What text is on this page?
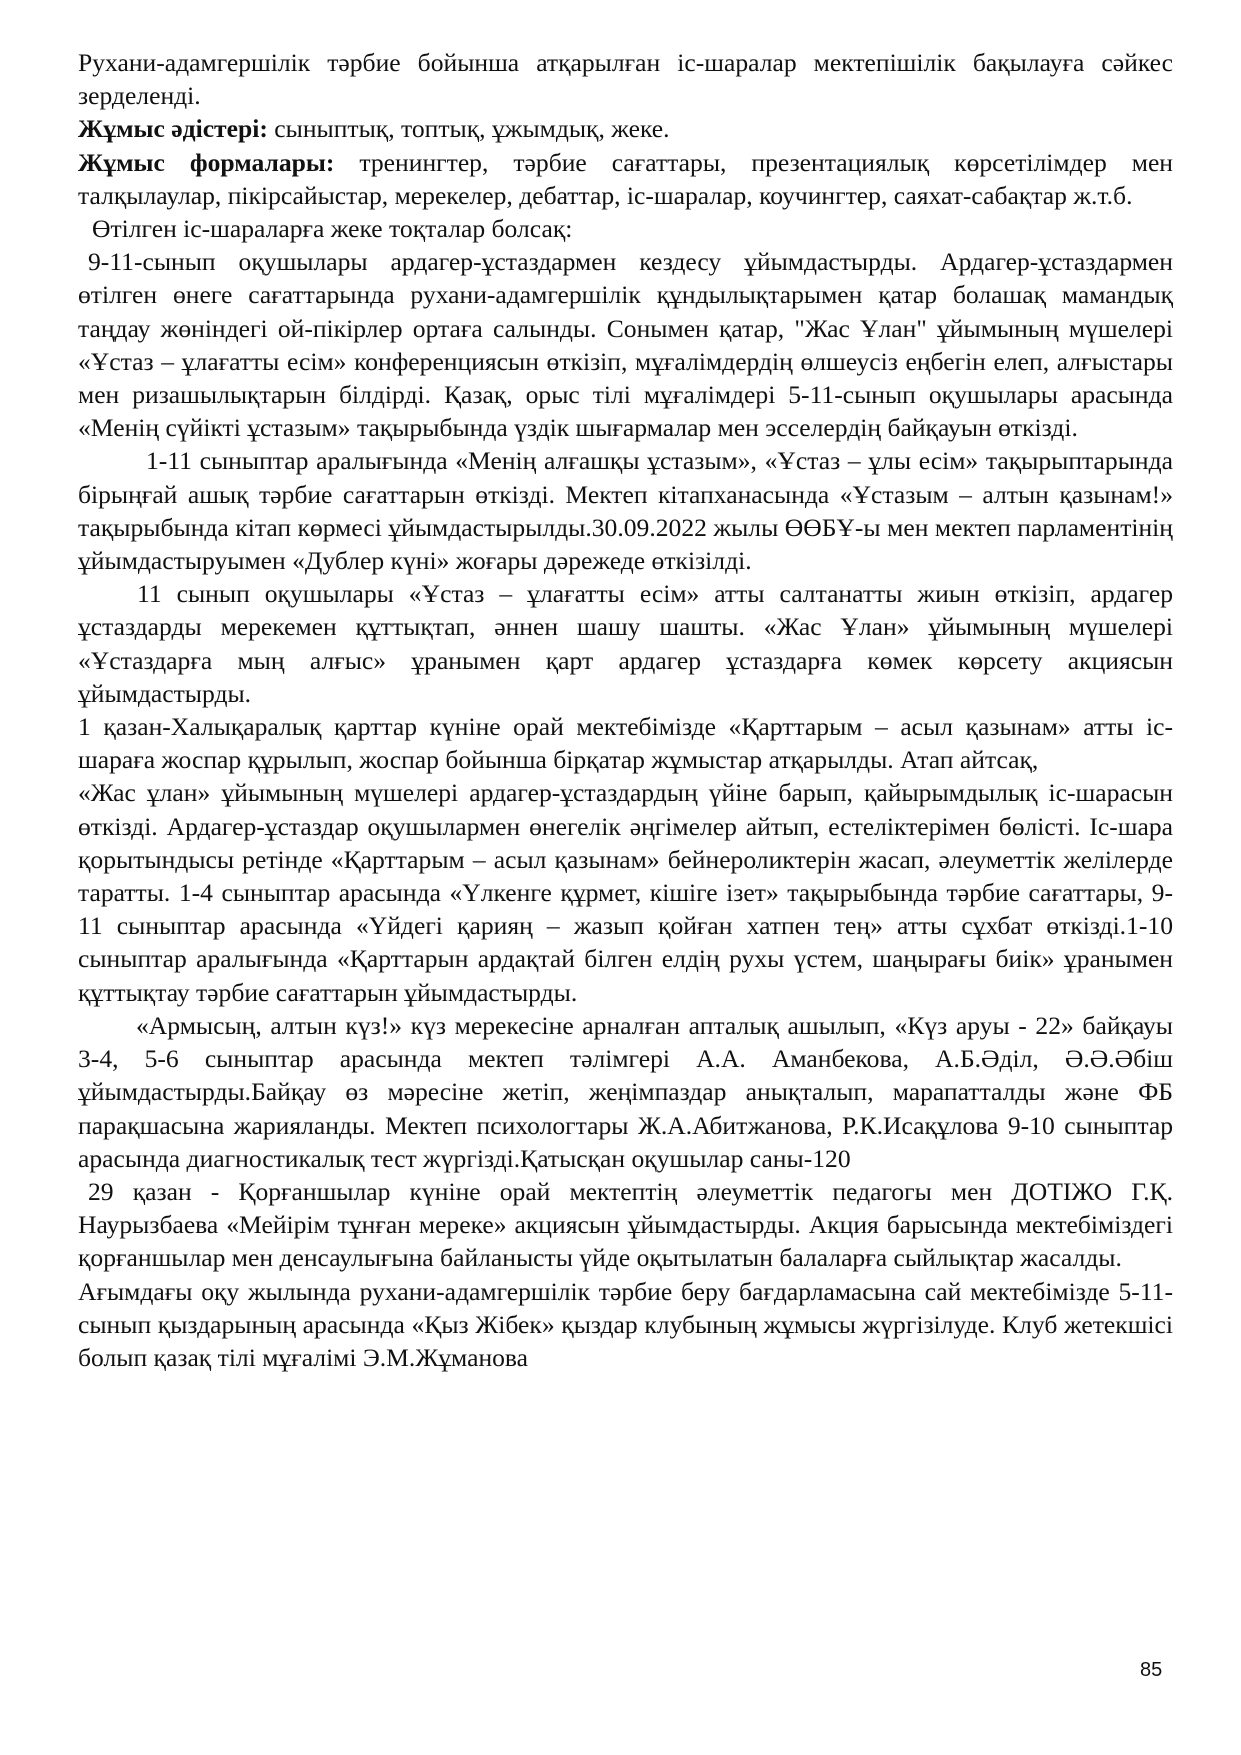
Рухани-адамгершілік тәрбие бойынша атқарылған іс-шаралар мектепішілік бақылауға сәйкес зерделенді.

Жұмыс әдістері: сыныптық, топтық, ұжымдық, жеке.

Жұмыс формалары: тренингтер, тәрбие сағаттары, презентациялық көрсетілімдер мен талқылаулар, пікірсайыстар, мерекелер, дебаттар, іс-шаралар, коучингтер, саяхат-сабақтар ж.т.б.

Өтілген іс-шараларға жеке тоқталар болсақ:

9-11-сынып оқушылары ардагер-ұстаздармен кездесу ұйымдастырды. Ардагер-ұстаздармен өтілген өнеге сағаттарында рухани-адамгершілік құндылықтарымен қатар болашақ мамандық таңдау жөніндегі ой-пікірлер ортаға салынды. Сонымен қатар, "Жас Ұлан" ұйымының мүшелері «Ұстаз – ұлағатты есім» конференциясын өткізіп, мұғалімдердің өлшеусіз еңбегін елеп, алғыстары мен ризашылықтарын білдірді. Қазақ, орыс тілі мұғалімдері 5-11-сынып оқушылары арасында «Менің сүйікті ұстазым» тақырыбында үздік шығармалар мен эсселердің байқауын өткізді.

1-11 сыныптар аралығында «Менің алғашқы ұстазым», «Ұстаз – ұлы есім» тақырыптарында бірыңғай ашық тәрбие сағаттарын өткізді. Мектеп кітапханасында «Ұстазым – алтын қазынам!» тақырыбында кітап көрмесі ұйымдастырылды.30.09.2022 жылы ӨӨБҰ-ы мен мектеп парламентінің ұйымдастыруымен «Дублер күні» жоғары дәрежеде өткізілді.

11 сынып оқушылары «Ұстаз – ұлағатты есім» атты салтанатты жиын өткізіп, ардагер ұстаздарды мерекемен құттықтап, әннен шашу шашты. «Жас Ұлан» ұйымының мүшелері «Ұстаздарға мың алғыс» ұранымен қарт ардагер ұстаздарға көмек көрсету акциясын ұйымдастырды.

1 қазан-Халықаралық қарттар күніне орай мектебімізде «Қарттарым – асыл қазынам» атты іс-шараға жоспар құрылып, жоспар бойынша бірқатар жұмыстар атқарылды. Атап айтсақ,

«Жас ұлан» ұйымының мүшелері ардагер-ұстаздардың үйіне барып, қайырымдылық іс-шарасын өткізді. Ардагер-ұстаздар оқушылармен өнегелік әңгімелер айтып, естеліктерімен бөлісті. Іс-шара қорытындысы ретінде «Қарттарым – асыл қазынам» бейнероликтерін жасап, әлеуметтік желілерде таратты. 1-4 сыныптар арасында «Үлкенге құрмет, кішіге ізет» тақырыбында тәрбие сағаттары, 9-11 сыныптар арасында «Үйдегі қарияң – жазып қойған хатпен тең» атты сұхбат өткізді.1-10 сыныптар аралығында «Қарттарын ардақтай білген елдің рухы үстем, шаңырағы биік» ұранымен құттықтау тәрбие сағаттарын ұйымдастырды.

«Армысың, алтын күз!» күз мерекесіне арналған апталық ашылып, «Күз аруы - 22» байқауы 3-4, 5-6 сыныптар арасында мектеп тәлімгері А.А. Аманбекова, А.Б.Әділ, Ә.Ә.Әбіш ұйымдастырды.Байқау өз мәресіне жетіп, жеңімпаздар анықталып, марапатталды және ФБ парақшасына жарияланды. Мектеп психологтары Ж.А.Абитжанова, Р.К.Исақұлова 9-10 сыныптар арасында диагностикалық тест жүргізді.Қатысқан оқушылар саны-120

29 қазан - Қорғаншылар күніне орай мектептің әлеуметтік педагогы мен ДОТІЖО Г.Қ. Наурызбаева «Мейірім тұнған мереке» акциясын ұйымдастырды. Акция барысында мектебіміздегі қорғаншылар мен денсаулығына байланысты үйде оқытылатын балаларға сыйлықтар жасалды.

Ағымдағы оқу жылында рухани-адамгершілік тәрбие беру бағдарламасына сай мектебімізде 5-11-сынып қыздарының арасында «Қыз Жібек» қыздар клубының жұмысы жүргізілуде. Клуб жетекшісі болып қазақ тілі мұғалімі Э.М.Жұманова

85
